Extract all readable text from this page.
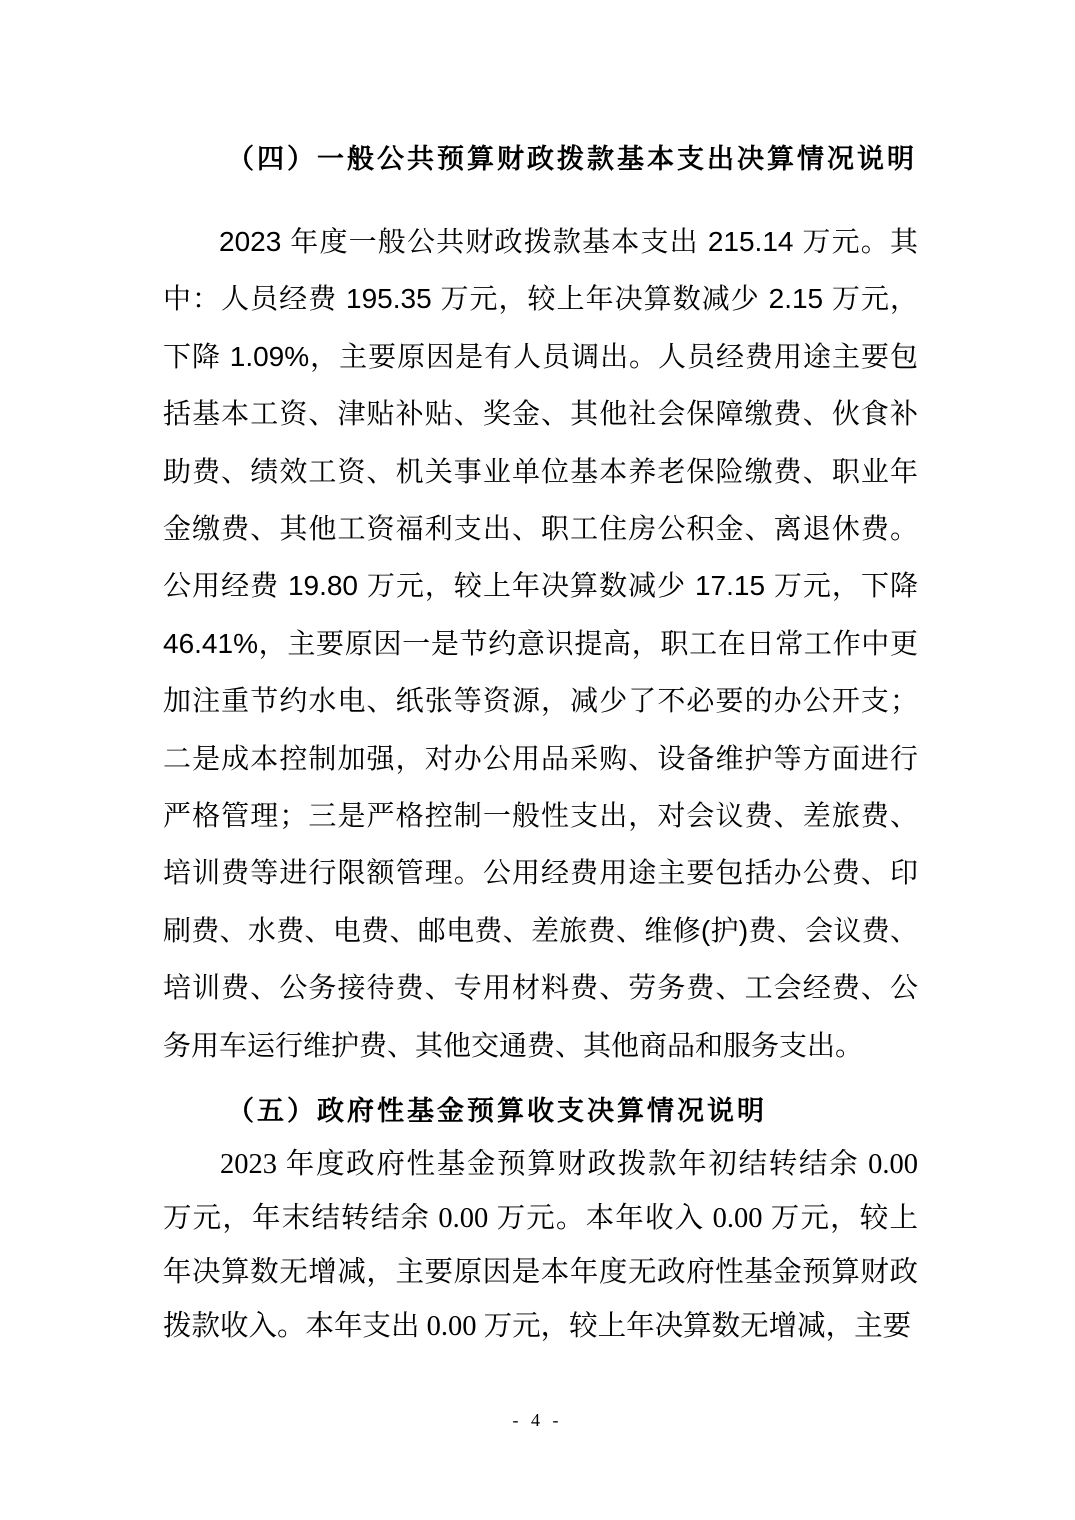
（四）一般公共预算财政拨款基本支出决算情况说明

2023 年度一般公共财政拨款基本支出 215.14 万元。其中：人员经费 195.35 万元，较上年决算数减少 2.15 万元，下降 1.09%，主要原因是有人员调出。人员经费用途主要包括基本工资、津贴补贴、奖金、其他社会保障缴费、伙食补助费、绩效工资、机关事业单位基本养老保险缴费、职业年金缴费、其他工资福利支出、职工住房公积金、离退休费。公用经费 19.80 万元，较上年决算数减少 17.15 万元，下降 46.41%，主要原因一是节约意识提高，职工在日常工作中更加注重节约水电、纸张等资源，减少了不必要的办公开支；二是成本控制加强，对办公用品采购、设备维护等方面进行严格管理；三是严格控制一般性支出，对会议费、差旅费、培训费等进行限额管理。公用经费用途主要包括办公费、印刷费、水费、电费、邮电费、差旅费、维修(护)费、会议费、培训费、公务接待费、专用材料费、劳务费、工会经费、公务用车运行维护费、其他交通费、其他商品和服务支出。

（五）政府性基金预算收支决算情况说明

2023 年度政府性基金预算财政拨款年初结转结余 0.00 万元，年末结转结余 0.00 万元。本年收入 0.00 万元，较上年决算数无增减，主要原因是本年度无政府性基金预算财政拨款收入。本年支出 0.00 万元，较上年决算数无增减，主要

- 4 -
